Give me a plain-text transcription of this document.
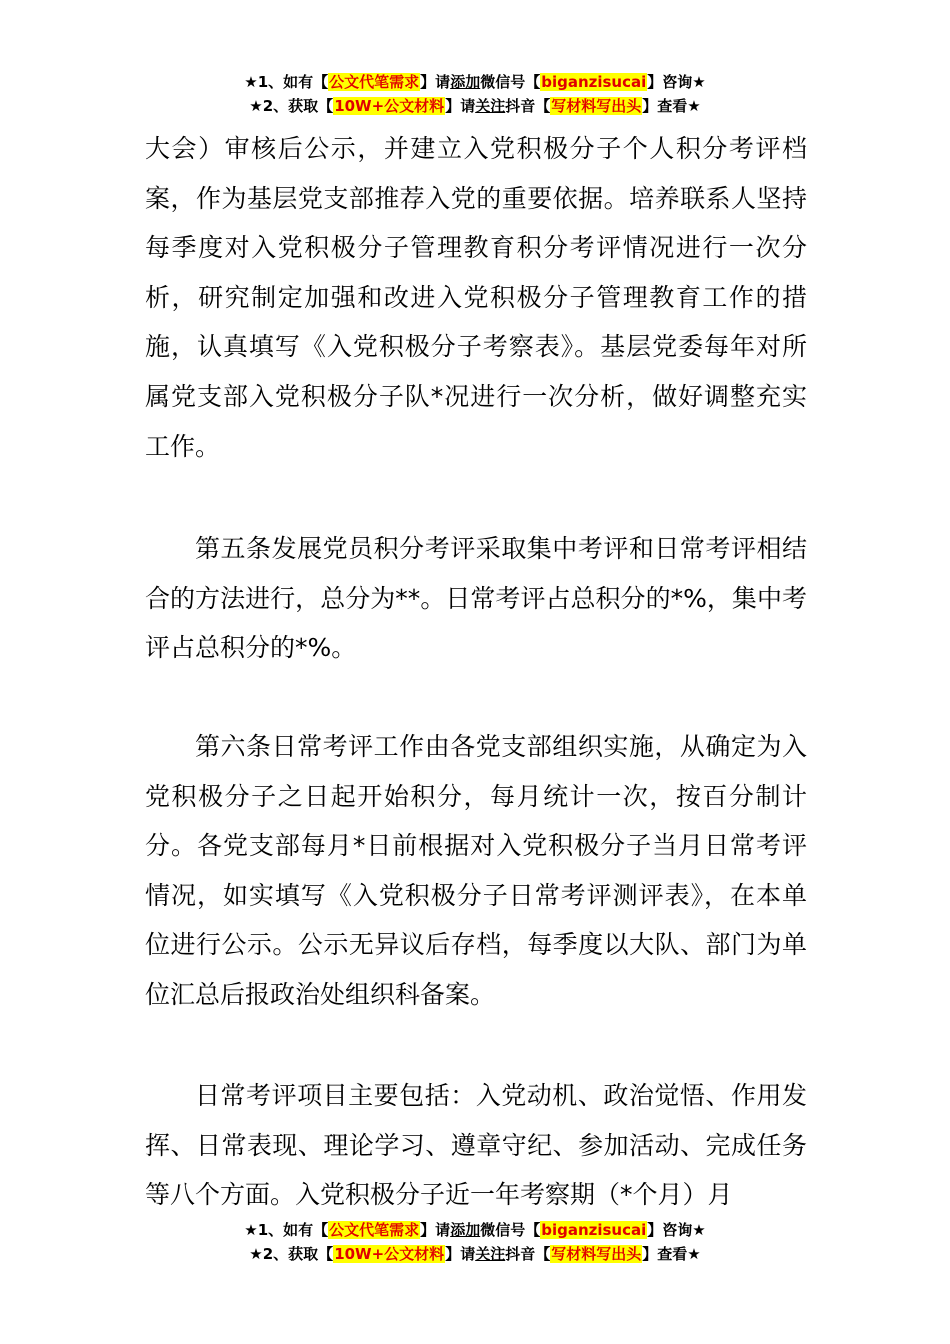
★1、如有【公文代笔需求】请添加微信号【biganzisucai】咨询★
★2、获取【10W+公文材料】请关注抖音【写材料写出头】查看★

大会）审核后公示，并建立入党积极分子个人积分考评档案，作为基层党支部推荐入党的重要依据。培养联系人坚持每季度对入党积极分子管理教育积分考评情况进行一次分析，研究制定加强和改进入党积极分子管理教育工作的措施，认真填写《入党积极分子考察表》。基层党委每年对所属党支部入党积极分子队*况进行一次分析，做好调整充实工作。

第五条发展党员积分考评采取集中考评和日常考评相结合的方法进行，总分为**。日常考评占总积分的*%，集中考评占总积分的*%。

第六条日常考评工作由各党支部组织实施，从确定为入党积极分子之日起开始积分，每月统计一次，按百分制计分。各党支部每月*日前根据对入党积极分子当月日常考评情况，如实填写《入党积极分子日常考评测评表》，在本单位进行公示。公示无异议后存档，每季度以大队、部门为单位汇总后报政治处组织科备案。

日常考评项目主要包括：入党动机、政治觉悟、作用发挥、日常表现、理论学习、遵章守纪、参加活动、完成任务等八个方面。入党积极分子近一年考察期（*个月）月

★1、如有【公文代笔需求】请添加微信号【biganzisucai】咨询★
★2、获取【10W+公文材料】请关注抖音【写材料写出头】查看★
